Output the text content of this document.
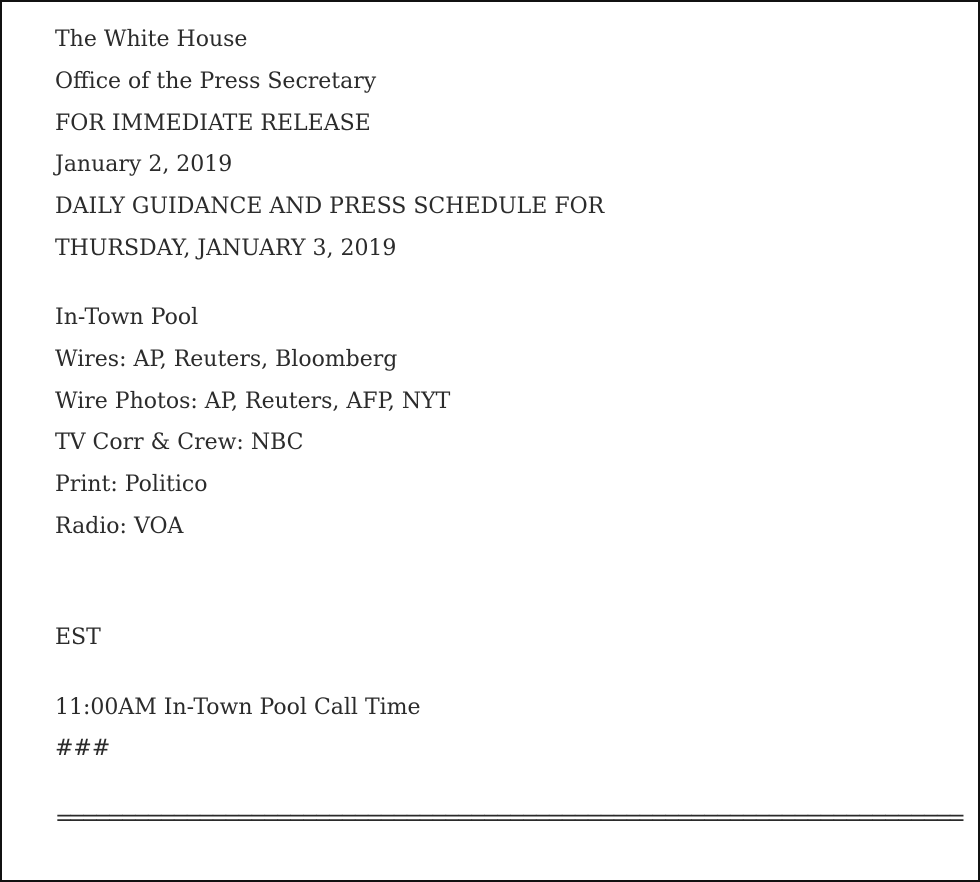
The White House
Office of the Press Secretary
FOR IMMEDIATE RELEASE
January 2, 2019
DAILY GUIDANCE AND PRESS SCHEDULE FOR
THURSDAY, JANUARY 3, 2019
In-Town Pool
Wires: AP, Reuters, Bloomberg
Wire Photos: AP, Reuters, AFP, NYT
TV Corr & Crew: NBC
Print: Politico
Radio: VOA
EST
11:00AM In-Town Pool Call Time
###
======================================================================
